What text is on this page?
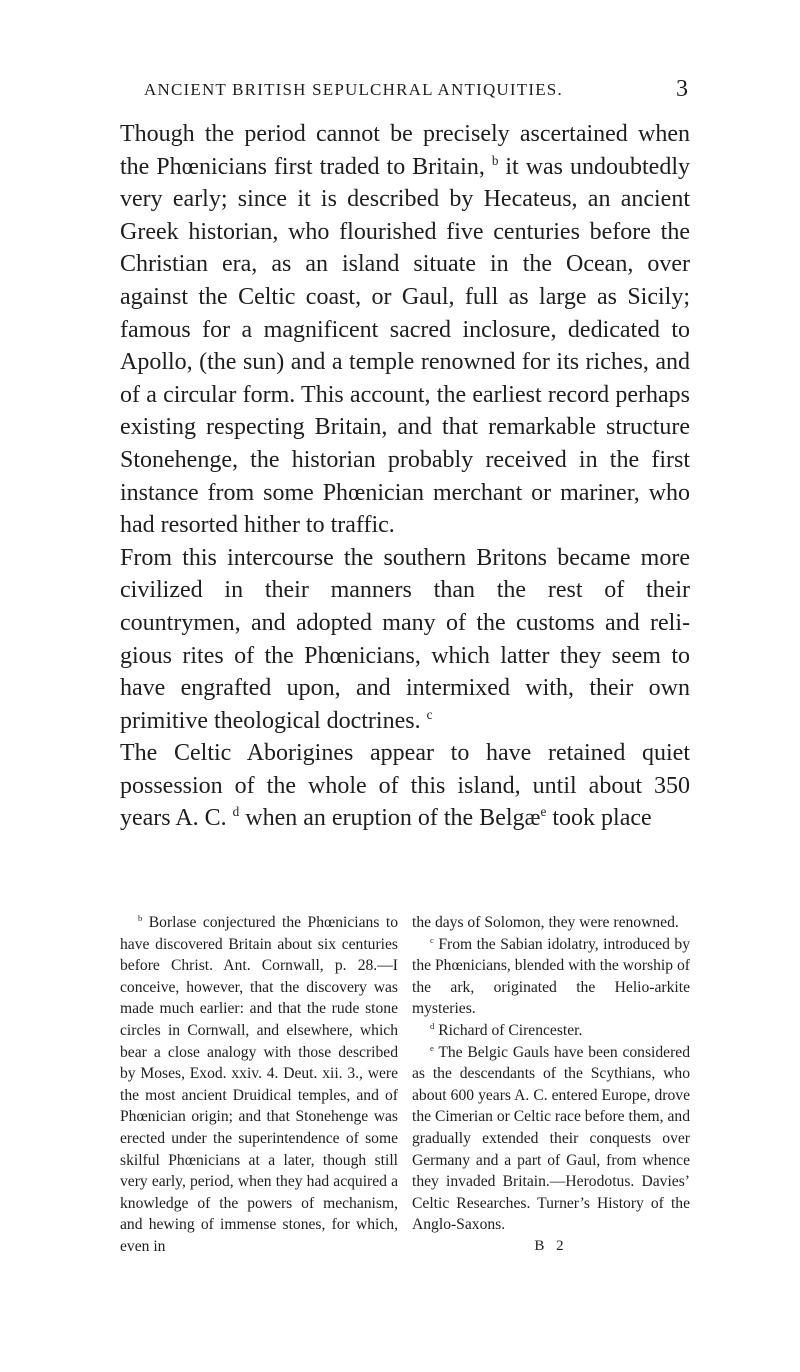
ANCIENT BRITISH SEPULCHRAL ANTIQUITIES.	3

Though the period cannot be precisely ascertained when the Phœnicians first traded to Britain, $^b$ it was undoubtedly very early; since it is described by Hecateus, an ancient Greek historian, who flourished five centuries before the Christian era, as an island situate in the Ocean, over against the Celtic coast, or Gaul, full as large as Sicily; famous for a magnificent sacred inclosure, dedicated to Apollo, (the sun) and a temple renowned for its riches, and of a circular form. This account, the earliest record perhaps existing respecting Britain, and that remarkable structure Stonehenge, the historian probably received in the first instance from some Phœnician merchant or mariner, who had resorted hither to traffic.

From this intercourse the southern Britons became more civilized in their manners than the rest of their countrymen, and adopted many of the customs and religious rites of the Phœnicians, which latter they seem to have engrafted upon, and intermixed with, their own primitive theological doctrines. $^c$

The Celtic Aborigines appear to have retained quiet possession of the whole of this island, until about 350 years A. C. $^d$ when an eruption of the Belgæ$^e$ took place

$^b$ Borlase conjectured the Phœnicians to have discovered Britain about six centuries before Christ. Ant. Cornwall, p. 28.—I conceive, however, that the discovery was made much earlier: and that the rude stone circles in Cornwall, and elsewhere, which bear a close analogy with those described by Moses, Exod. xxiv. 4. Deut. xii. 3., were the most ancient Druidical temples, and of Phœnician origin; and that Stonehenge was erected under the superintendence of some skilful Phœnicians at a later, though still very early, period, when they had acquired a knowledge of the powers of mechanism, and hewing of immense stones, for which, even in

the days of Solomon, they were renowned.

$^c$ From the Sabian idolatry, introduced by the Phœnicians, blended with the worship of the ark, originated the Helio-arkite mysteries.

$^d$ Richard of Cirencester.

$^e$ The Belgic Gauls have been considered as the descendants of the Scythians, who about 600 years A. C. entered Europe, drove the Cimerian or Celtic race before them, and gradually extended their conquests over Germany and a part of Gaul, from whence they invaded Britain.—Herodotus. Davies’ Celtic Researches. Turner’s History of the Anglo-Saxons.

B 2
